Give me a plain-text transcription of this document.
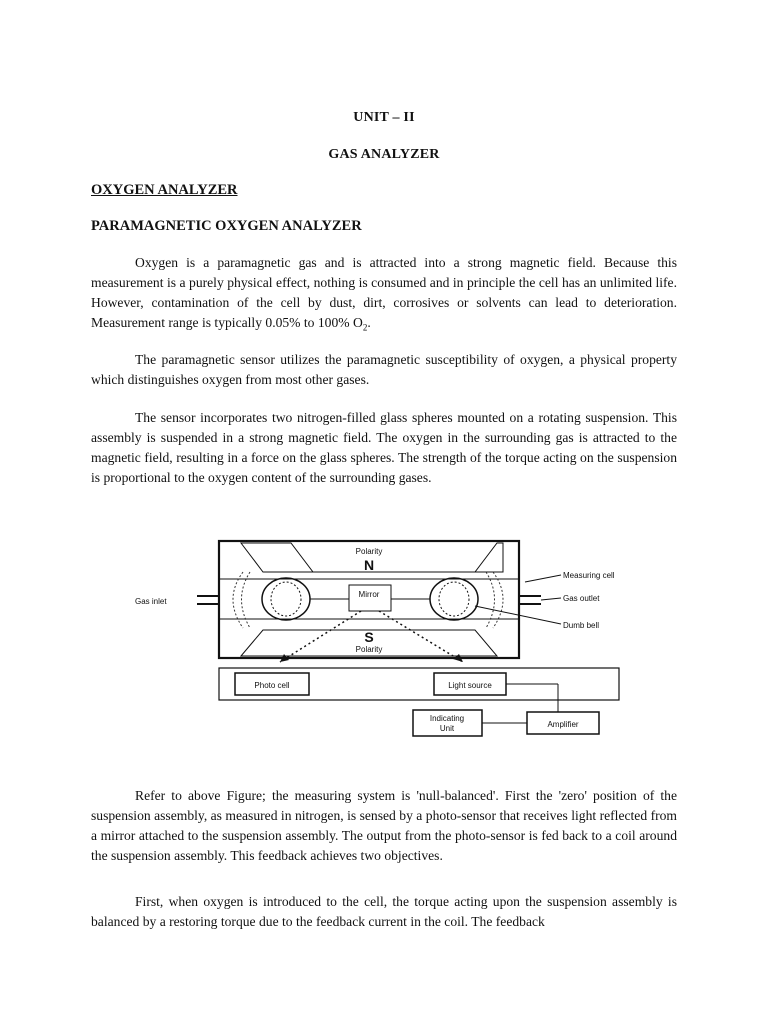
UNIT – II
GAS ANALYZER
OXYGEN ANALYZER
PARAMAGNETIC OXYGEN ANALYZER

Oxygen is a paramagnetic gas and is attracted into a strong magnetic field. Because this measurement is a purely physical effect, nothing is consumed and in principle the cell has an unlimited life. However, contamination of the cell by dust, dirt, corrosives or solvents can lead to deterioration. Measurement range is typically 0.05% to 100% $O_2$.

The paramagnetic sensor utilizes the paramagnetic susceptibility of oxygen, a physical property which distinguishes oxygen from most other gases.

The sensor incorporates two nitrogen-filled glass spheres mounted on a rotating suspension. This assembly is suspended in a strong magnetic field. The oxygen in the surrounding gas is attracted to the magnetic field, resulting in a force on the glass spheres. The strength of the torque acting on the suspension is proportional to the oxygen content of the surrounding gases.

Polarity
N
Mirror
S
Polarity
Gas inlet
Measuring cell
Gas outlet
Dumb bell
Photo cell	Light source
Amplifier
Indicating
Unit

Refer to above Figure; the measuring system is 'null-balanced'. First the 'zero' position of the suspension assembly, as measured in nitrogen, is sensed by a photo-sensor that receives light reflected from a mirror attached to the suspension assembly. The output from the photo-sensor is fed back to a coil around the suspension assembly. This feedback achieves two objectives.

First, when oxygen is introduced to the cell, the torque acting upon the suspension assembly is balanced by a restoring torque due to the feedback current in the coil. The feedback
